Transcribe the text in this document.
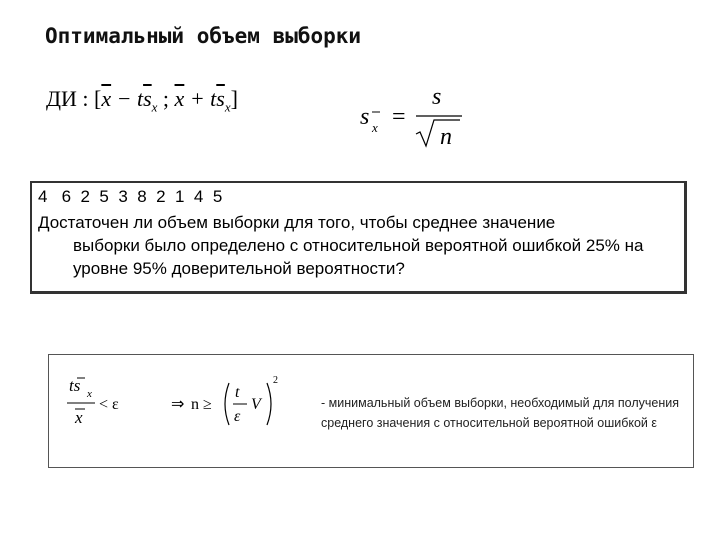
Оптимальный объем выборки
ДИ : [$\overline{x} - t\overline{s}_x$ ; $\overline{x} + t\overline{s}_x$]
s x =
s
n
4   6  2  5  3  8  2  1  4  5
Достаточен ли объем выборки для того, чтобы среднее значение
выборки было определено с относительной вероятной ошибкой 25% на уровне 95% доверительной вероятности?
ts x
x
< ε	⇒ n ≥
t
ε
V
2
- минимальный объем выборки, необходимый для получения среднего значения с относительной вероятной ошибкой ε
